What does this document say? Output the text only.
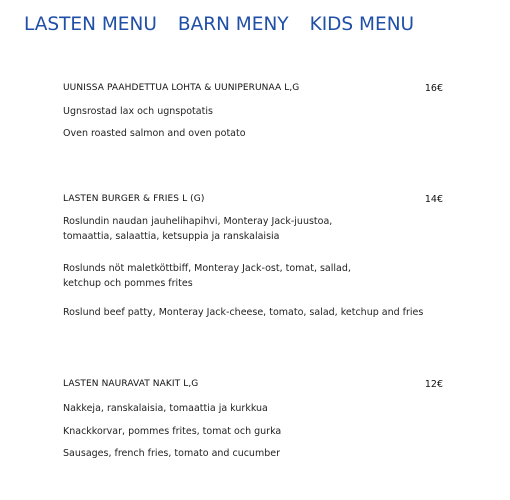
LASTEN MENU BARN MENY KIDS MENU
UUNISSA PAAHDETTUA LOHTA & UUNIPERUNAA L,G	16€
Ugnsrostad lax och ugnspotatis
Oven roasted salmon and oven potato
LASTEN BURGER & FRIES L (G)	14€
Roslundin naudan jauhelihapihvi, Monteray Jack-juustoa,
tomaattia, salaattia, ketsuppia ja ranskalaisia
Roslunds nöt maletköttbiff, Monteray Jack-ost, tomat, sallad,
ketchup och pommes frites
Roslund beef patty, Monteray Jack-cheese, tomato, salad, ketchup and fries
LASTEN NAURAVAT NAKIT L,G	12€
Nakkeja, ranskalaisia, tomaattia ja kurkkua
Knackkorvar, pommes frites, tomat och gurka
Sausages, french fries, tomato and cucumber
